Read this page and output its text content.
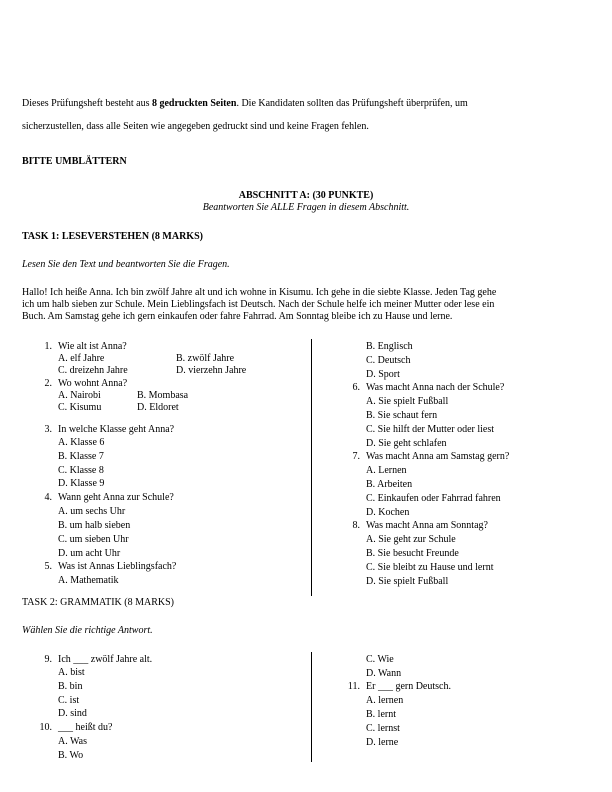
Dieses Prüfungsheft besteht aus 8 gedruckten Seiten. Die Kandidaten sollten das Prüfungsheft überprüfen, um
sicherzustellen, dass alle Seiten wie angegeben gedruckt sind und keine Fragen fehlen.
BITTE UMBLÄTTERN
ABSCHNITT A: (30 PUNKTE)
Beantworten Sie ALLE Fragen in diesem Abschnitt.
TASK 1: LESEVERSTEHEN (8 MARKS)
Lesen Sie den Text und beantworten Sie die Fragen.
Hallo! Ich heiße Anna. Ich bin zwölf Jahre alt und ich wohne in Kisumu. Ich gehe in die siebte Klasse. Jeden Tag gehe
ich um halb sieben zur Schule. Mein Lieblingsfach ist Deutsch. Nach der Schule helfe ich meiner Mutter oder lese ein
Buch. Am Samstag gehe ich gern einkaufen oder fahre Fahrrad. Am Sonntag bleibe ich zu Hause und lerne.
1. Wie alt ist Anna?
A. elf Jahre	B. zwölf Jahre
C. dreizehn Jahre	D. vierzehn Jahre
2. Wo wohnt Anna?
A. Nairobi	B. Mombasa
C. Kisumu	D. Eldoret
3. In welche Klasse geht Anna?
A. Klasse 6
B. Klasse 7
C. Klasse 8
D. Klasse 9
4. Wann geht Anna zur Schule?
A. um sechs Uhr
B. um halb sieben
C. um sieben Uhr
D. um acht Uhr
5. Was ist Annas Lieblingsfach?
A. Mathematik
B. Englisch
C. Deutsch
D. Sport
6. Was macht Anna nach der Schule?
A. Sie spielt Fußball
B. Sie schaut fern
C. Sie hilft der Mutter oder liest
D. Sie geht schlafen
7. Was macht Anna am Samstag gern?
A. Lernen
B. Arbeiten
C. Einkaufen oder Fahrrad fahren
D. Kochen
8. Was macht Anna am Sonntag?
A. Sie geht zur Schule
B. Sie besucht Freunde
C. Sie bleibt zu Hause und lernt
D. Sie spielt Fußball
TASK 2: GRAMMATIK (8 MARKS)
Wählen Sie die richtige Antwort.
9. Ich ___ zwölf Jahre alt.
A. bist
B. bin
C. ist
D. sind
10. ___ heißt du?
A. Was
B. Wo
C. Wie
D. Wann
11. Er ___ gern Deutsch.
A. lernen
B. lernt
C. lernst
D. lerne
